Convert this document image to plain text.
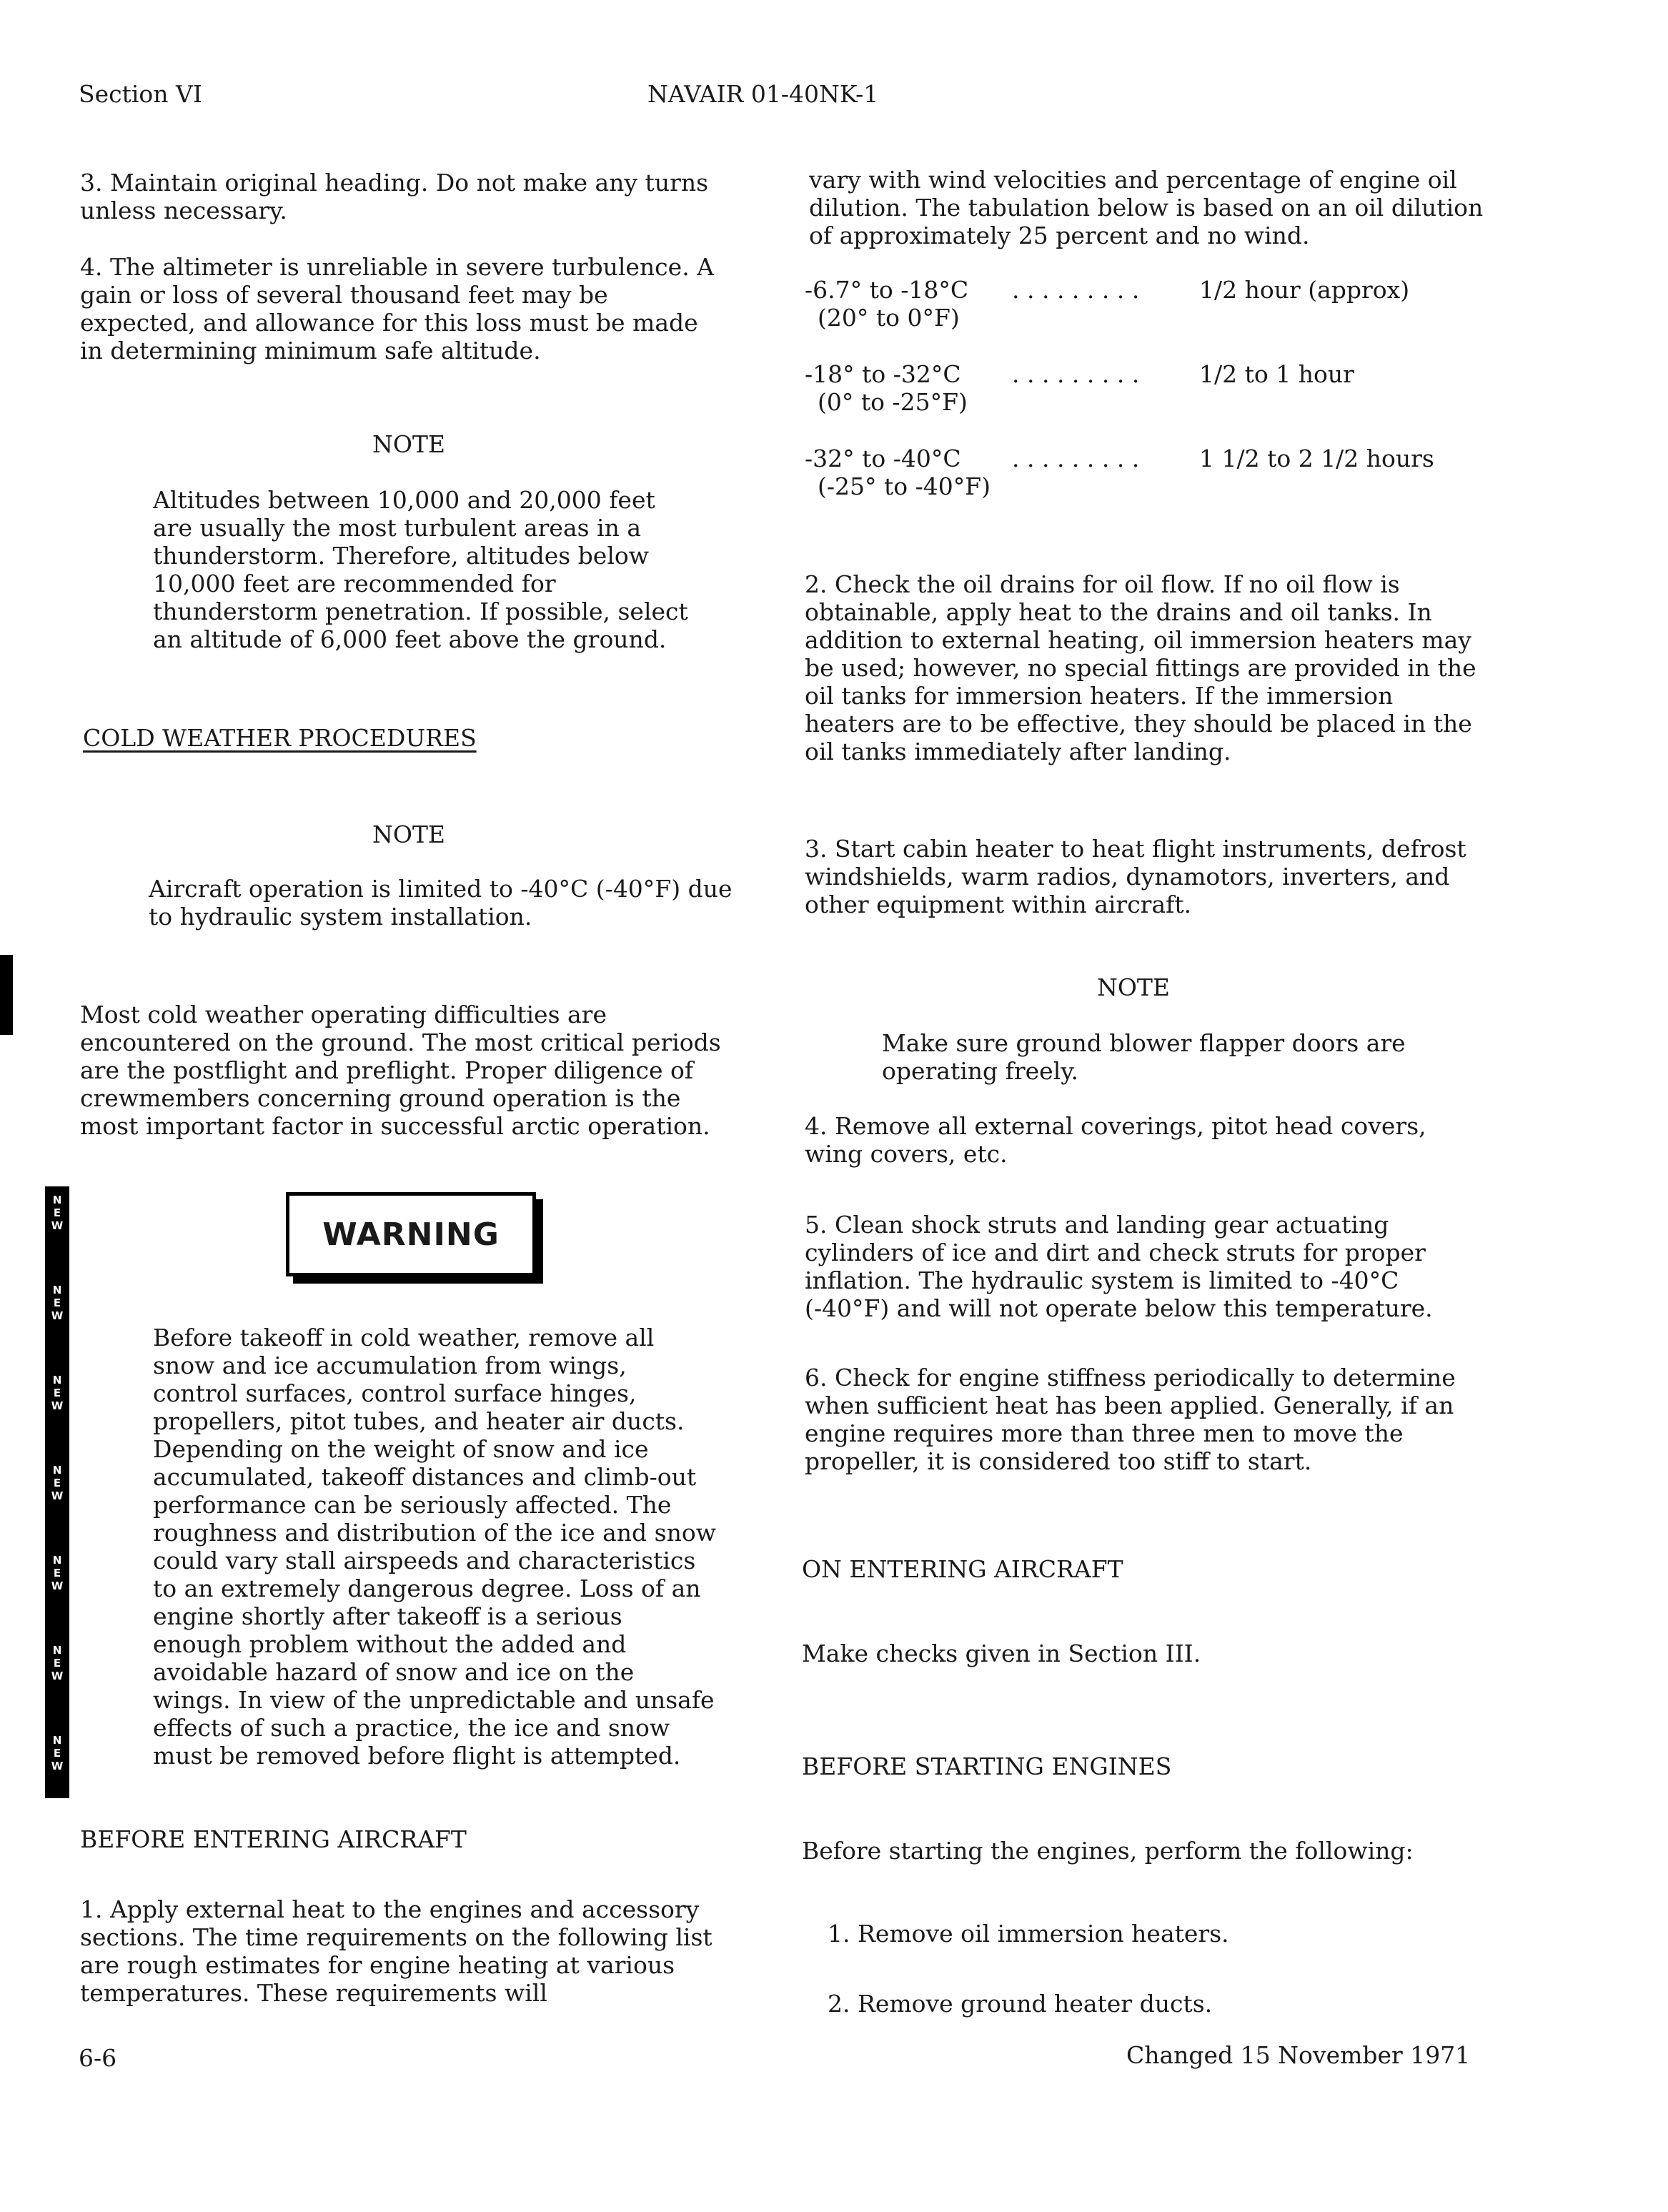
Section VI	NAVAIR 01-40NK-1
3. Maintain original heading. Do not make any turns unless necessary.
4. The altimeter is unreliable in severe turbulence. A gain or loss of several thousand feet may be expected, and allowance for this loss must be made in determining minimum safe altitude.
NOTE
Altitudes between 10,000 and 20,000 feet are usually the most turbulent areas in a thunderstorm. Therefore, altitudes below 10,000 feet are recommended for thunderstorm penetration. If possible, select an altitude of 6,000 feet above the ground.
COLD WEATHER PROCEDURES
NOTE
Aircraft operation is limited to -40°C (-40°F) due to hydraulic system installation.
Most cold weather operating difficulties are encountered on the ground. The most critical periods are the postflight and preflight. Proper diligence of crewmembers concerning ground operation is the most important factor in successful arctic operation.
N
E
W
N
E
W
N
E
W
N
E
W
N
E
W
N
E
W
N
E
W
WARNING
Before takeoff in cold weather, remove all snow and ice accumulation from wings, control surfaces, control surface hinges, propellers, pitot tubes, and heater air ducts. Depending on the weight of snow and ice accumulated, takeoff distances and climb-out performance can be seriously affected. The roughness and distribution of the ice and snow could vary stall airspeeds and characteristics to an extremely dangerous degree. Loss of an engine shortly after takeoff is a serious enough problem without the added and avoidable hazard of snow and ice on the wings. In view of the unpredictable and unsafe effects of such a practice, the ice and snow must be removed before flight is attempted.
BEFORE ENTERING AIRCRAFT
1. Apply external heat to the engines and accessory sections. The time requirements on the following list are rough estimates for engine heating at various temperatures. These requirements will
vary with wind velocities and percentage of engine oil dilution. The tabulation below is based on an oil dilution of approximately 25 percent and no wind.
-6.7° to -18°C	. . . . . . . . .	1/2 hour (approx)
(20° to 0°F)
-18° to -32°C	. . . . . . . . .	1/2 to 1 hour
(0° to -25°F)
-32° to -40°C	. . . . . . . . .	1 1/2 to 2 1/2 hours
(-25° to -40°F)
2. Check the oil drains for oil flow. If no oil flow is obtainable, apply heat to the drains and oil tanks. In addition to external heating, oil immersion heaters may be used; however, no special fittings are provided in the oil tanks for immersion heaters. If the immersion heaters are to be effective, they should be placed in the oil tanks immediately after landing.
3. Start cabin heater to heat flight instruments, defrost windshields, warm radios, dynamotors, inverters, and other equipment within aircraft.
NOTE
Make sure ground blower flapper doors are operating freely.
4. Remove all external coverings, pitot head covers, wing covers, etc.
5. Clean shock struts and landing gear actuating cylinders of ice and dirt and check struts for proper inflation. The hydraulic system is limited to -40°C (-40°F) and will not operate below this temperature.
6. Check for engine stiffness periodically to determine when sufficient heat has been applied. Generally, if an engine requires more than three men to move the propeller, it is considered too stiff to start.
ON ENTERING AIRCRAFT
Make checks given in Section III.
BEFORE STARTING ENGINES
Before starting the engines, perform the following:
1. Remove oil immersion heaters.
2. Remove ground heater ducts.
6-6	Changed 15 November 1971
